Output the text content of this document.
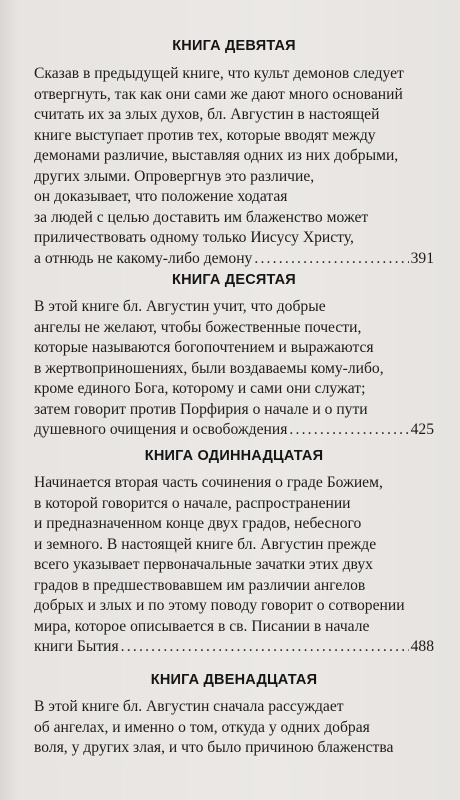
КНИГА ДЕВЯТАЯ
Сказав в предыдущей книге, что культ демонов следует
отвергнуть, так как они сами же дают много оснований
считать их за злых духов, бл. Августин в настоящей
книге выступает против тех, которые вводят между
демонами различие, выставляя одних из них добрыми,
других злыми. Опровергнув это различие,
он доказывает, что положение ходатая
за людей с целью доставить им блаженство может
приличествовать одному только Иисусу Христу,
а отнюдь не какому-либо демону .....	391
КНИГА ДЕСЯТАЯ
В этой книге бл. Августин учит, что добрые
ангелы не желают, чтобы божественные почести,
которые называются богопочтением и выражаются
в жертвоприношениях, были воздаваемы кому-либо,
кроме единого Бога, которому и сами они служат;
затем говорит против Порфирия о начале и о пути
душевного очищения и освобождения .....	425
КНИГА ОДИННАДЦАТАЯ
Начинается вторая часть сочинения о граде Божием,
в которой говорится о начале, распространении
и предназначенном конце двух градов, небесного
и земного. В настоящей книге бл. Августин прежде
всего указывает первоначальные зачатки этих двух
градов в предшествовавшем им различии ангелов
добрых и злых и по этому поводу говорит о сотворении
мира, которое описывается в св. Писании в начале
книги Бытия .....	488
КНИГА ДВЕНАДЦАТАЯ
В этой книге бл. Августин сначала рассуждает
об ангелах, и именно о том, откуда у одних добрая
воля, у других злая, и что было причиною блаженства
